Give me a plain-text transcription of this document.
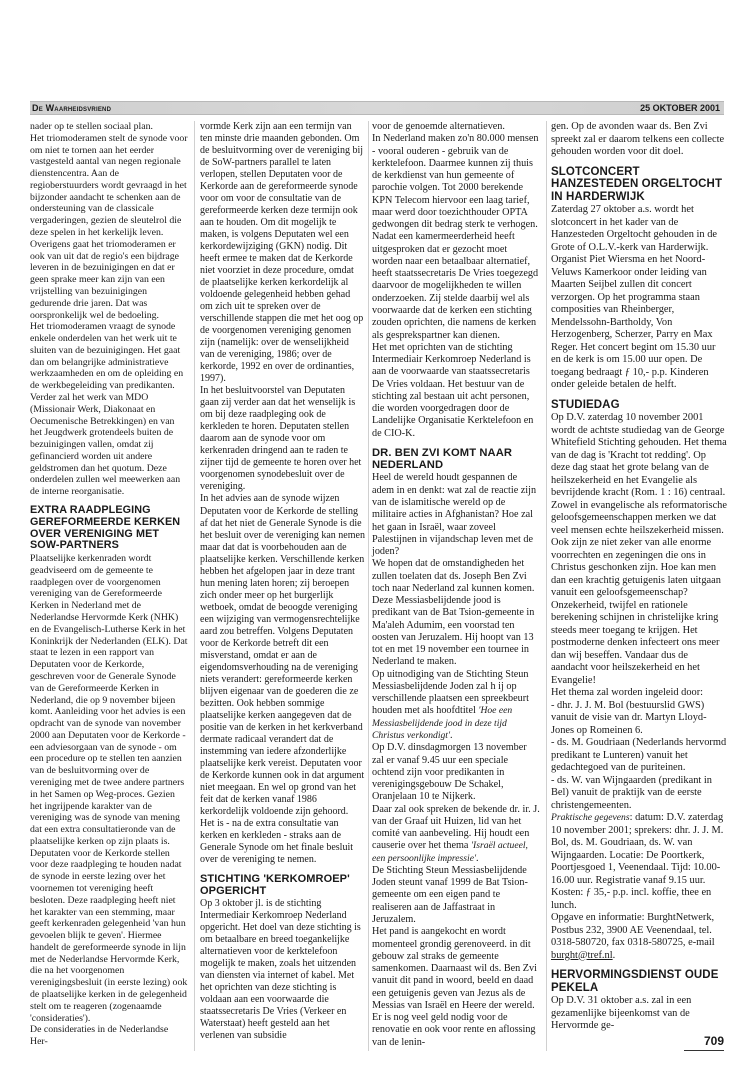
De Waarheidsvriend	25 OKTOBER 2001

nader op te stellen sociaal plan.

Het triomoderamen stelt de synode voor om niet te tornen aan het eerder vastgesteld aantal van negen regionale dienstencentra. Aan de regioberstuurders wordt gevraagd in het bijzonder aandacht te schenken aan de ondersteuning van de classicale vergaderingen, gezien de sleutelrol die deze spelen in het kerkelijk leven. Overigens gaat het triomoderamen er ook van uit dat de regio's een bijdrage leveren in de bezuinigingen en dat er geen sprake meer kan zijn van een vrijstelling van bezuinigingen gedurende drie jaren. Dat was oorspronkelijk wel de bedoeling.

Het triomoderamen vraagt de synode enkele onderdelen van het werk uit te sluiten van de bezuinigingen. Het gaat dan om belangrijke administratieve werkzaamheden en om de opleiding en de werkbegeleiding van predikanten. Verder zal het werk van MDO (Missionair Werk, Diakonaat en Oecumenische Betrekkingen) en van het Jeugdwerk grotendeels buiten de bezuinigingen vallen, omdat zij gefinancierd worden uit andere geldstromen dan het quotum. Deze onderdelen zullen wel meewerken aan de interne reorganisatie.

EXTRA RAADPLEGING GEREFORMEERDE KERKEN OVER VERENIGING MET SOW-PARTNERS

Plaatselijke kerkenraden wordt geadviseerd om de gemeente te raadplegen over de voorgenomen vereniging van de Gereformeerde Kerken in Nederland met de Nederlandse Hervormde Kerk (NHK) en de Evangelisch-Lutherse Kerk in het Koninkrijk der Nederlanden (ELK). Dat staat te lezen in een rapport van Deputaten voor de Kerkorde, geschreven voor de Generale Synode van de Gereformeerde Kerken in Nederland, die op 9 november bijeen komt. Aanleiding voor het advies is een opdracht van de synode van november 2000 aan Deputaten voor de Kerkorde - een adviesorgaan van de synode - om een procedure op te stellen ten aanzien van de besluitvorming over de vereniging met de twee andere partners in het Samen op Weg-proces. Gezien het ingrijpende karakter van de vereniging was de synode van mening dat een extra consultatieronde van de plaatselijke kerken op zijn plaats is. Deputaten voor de Kerkorde stellen voor deze raadpleging te houden nadat de synode in eerste lezing over het voornemen tot vereniging heeft besloten. Deze raadpleging heeft niet het karakter van een stemming, maar geeft kerkenraden gelegenheid 'van hun gevoelen blijk te geven'. Hiermee handelt de gereformeerde synode in lijn met de Nederlandse Hervormde Kerk, die na het voorgenomen verenigingsbesluit (in eerste lezing) ook de plaatselijke kerken in de gelegenheid stelt om te reageren (zogenaamde 'consideraties').

De consideraties in de Nederlandse Her-

vormde Kerk zijn aan een termijn van ten minste drie maanden gebonden. Om de besluitvorming over de vereniging bij de SoW-partners parallel te laten verlopen, stellen Deputaten voor de Kerkorde aan de gereformeerde synode voor om voor de consultatie van de gereformeerde kerken deze termijn ook aan te houden. Om dit mogelijk te maken, is volgens Deputaten wel een kerkordewijziging (GKN) nodig. Dit heeft ermee te maken dat de Kerkorde niet voorziet in deze procedure, omdat de plaatselijke kerken kerkordelijk al voldoende gelegenheid hebben gehad om zich uit te spreken over de verschillende stappen die met het oog op de voorgenomen vereniging genomen zijn (namelijk: over de wenselijkheid van de vereniging, 1986; over de kerkorde, 1992 en over de ordinanties, 1997).

In het besluitvoorstel van Deputaten gaan zij verder aan dat het wenselijk is om bij deze raadpleging ook de kerkleden te horen. Deputaten stellen daarom aan de synode voor om kerkenraden dringend aan te raden te zijner tijd de gemeente te horen over het voorgenomen synodebesluit over de vereniging.

In het advies aan de synode wijzen Deputaten voor de Kerkorde de stelling af dat het niet de Generale Synode is die het besluit over de vereniging kan nemen maar dat dat is voorbehouden aan de plaatselijke kerken. Verschillende kerken hebben het afgelopen jaar in deze trant hun mening laten horen; zij beroepen zich onder meer op het burgerlijk wetboek, omdat de beoogde vereniging een wijziging van vermogensrechtelijke aard zou betreffen. Volgens Deputaten voor de Kerkorde betreft dit een misverstand, omdat er aan de eigendomsverhouding na de vereniging niets verandert: gereformeerde kerken blijven eigenaar van de goederen die ze bezitten. Ook hebben sommige plaatselijke kerken aangegeven dat de positie van de kerken in het kerkverband dermate radicaal verandert dat de instemming van iedere afzonderlijke plaatselijke kerk vereist. Deputaten voor de Kerkorde kunnen ook in dat argument niet meegaan. En wel op grond van het feit dat de kerken vanaf 1986 kerkordelijk voldoende zijn gehoord. Het is - na de extra consultatie van kerken en kerkleden - straks aan de Generale Synode om het finale besluit over de vereniging te nemen.

STICHTING 'KERKOMROEP' OPGERICHT

Op 3 oktober jl. is de stichting Intermediair Kerkomroep Nederland opgericht. Het doel van deze stichting is om betaalbare en breed toegankelijke alternatieven voor de kerktelefoon mogelijk te maken, zoals het uitzenden van diensten via internet of kabel. Met het oprichten van deze stichting is voldaan aan een voorwaarde die staatssecretaris De Vries (Verkeer en Waterstaat) heeft gesteld aan het verlenen van subsidie

voor de genoemde alternatieven.

In Nederland maken zo'n 80.000 mensen - vooral ouderen - gebruik van de kerktelefoon. Daarmee kunnen zij thuis de kerkdienst van hun gemeente of parochie volgen. Tot 2000 berekende KPN Telecom hiervoor een laag tarief, maar werd door toezichthouder OPTA gedwongen dit bedrag sterk te verhogen. Nadat een kamermeerderheid heeft uitgesproken dat er gezocht moet worden naar een betaalbaar alternatief, heeft staatssecretaris De Vries toegezegd daarvoor de mogelijkheden te willen onderzoeken. Zij stelde daarbij wel als voorwaarde dat de kerken een stichting zouden oprichten, die namens de kerken als gesprekspartner kan dienen.

Het met oprichten van de stichting Intermediair Kerkomroep Nederland is aan de voorwaarde van staatssecretaris De Vries voldaan. Het bestuur van de stichting zal bestaan uit acht personen, die worden voorgedragen door de Landelijke Organisatie Kerktelefoon en de CIO-K.

DR. BEN ZVI KOMT NAAR NEDERLAND

Heel de wereld houdt gespannen de adem in en denkt: wat zal de reactie zijn van de islamitische wereld op de militaire acties in Afghanistan? Hoe zal het gaan in Israël, waar zoveel Palestijnen in vijandschap leven met de joden?

We hopen dat de omstandigheden het zullen toelaten dat ds. Joseph Ben Zvi toch naar Nederland zal kunnen komen. Deze Messiasbelijdende jood is predikant van de Bat Tsion-gemeente in Ma'aleh Adumim, een voorstad ten oosten van Jeruzalem. Hij hoopt van 13 tot en met 19 november een tournee in Nederland te maken.

Op uitnodiging van de Stichting Steun Messiasbelijdende Joden zal h ij op verschillende plaatsen een spreekbeurt houden met als hoofdtitel 'Hoe een Messiasbelijdende jood in deze tijd Christus verkondigt'.

Op D.V. dinsdagmorgen 13 november zal er vanaf 9.45 uur een speciale ochtend zijn voor predikanten in verenigingsgebouw De Schakel, Oranjelaan 10 te Nijkerk.

Daar zal ook spreken de bekende dr. ir. J. van der Graaf uit Huizen, lid van het comité van aanbeveling. Hij houdt een causerie over het thema 'Israël actueel, een persoonlijke impressie'.

De Stichting Steun Messiasbelijdende Joden steunt vanaf 1999 de Bat Tsion-gemeente om een eigen pand te realiseren aan de Jaffastraat in Jeruzalem.

Het pand is aangekocht en wordt momenteel grondig gerenoveerd. in dit gebouw zal straks de gemeente samenkomen. Daarnaast wil ds. Ben Zvi vanuit dit pand in woord, beeld en daad een getuigenis geven van Jezus als de Messias van Israël en Heere der wereld.

Er is nog veel geld nodig voor de renovatie en ook voor rente en aflossing van de lenin-

gen. Op de avonden waar ds. Ben Zvi spreekt zal er daarom telkens een collecte gehouden worden voor dit doel.

SLOTCONCERT HANZESTEDEN ORGELTOCHT IN HARDERWIJK

Zaterdag 27 oktober a.s. wordt het slotconcert in het kader van de Hanzesteden Orgeltocht gehouden in de Grote of O.L.V.-kerk van Harderwijk. Organist Piet Wiersma en het Noord-Veluws Kamerkoor onder leiding van Maarten Seijbel zullen dit concert verzorgen. Op het programma staan composities van Rheinberger, Mendelssohn-Bartholdy, Von Herzogenberg, Scherzer, Parry en Max Reger. Het concert begint om 15.30 uur en de kerk is om 15.00 uur open. De toegang bedraagt ƒ 10,- p.p. Kinderen onder geleide betalen de helft.

STUDIEDAG

Op D.V. zaterdag 10 november 2001 wordt de achtste studiedag van de George Whitefield Stichting gehouden. Het thema van de dag is 'Kracht tot redding'. Op deze dag staat het grote belang van de heilszekerheid en het Evangelie als bevrijdende kracht (Rom. 1 : 16) centraal.

Zowel in evangelische als reformatorische geloofsgemeenschappen merken we dat veel mensen echte heilszekerheid missen. Ook zijn ze niet zeker van alle enorme voorrechten en zegeningen die ons in Christus geschonken zijn. Hoe kan men dan een krachtig getuigenis laten uitgaan vanuit een geloofsgemeenschap? Onzekerheid, twijfel en rationele berekening schijnen in christelijke kring steeds meer toegang te krijgen. Het postmoderne denken infecteert ons meer dan wij beseffen. Vandaar dus de aandacht voor heilszekerheid en het Evangelie!

Het thema zal worden ingeleid door:

- dhr. J. J. M. Bol (bestuurslid GWS) vanuit de visie van dr. Martyn Lloyd-Jones op Romeinen 6.

- ds. M. Goudriaan (Nederlands hervormd predikant te Lunteren) vanuit het gedachtegoed van de puriteinen.

- ds. W. van Wijngaarden (predikant in Bel) vanuit de praktijk van de eerste christengemeenten.

Praktische gegevens: datum: D.V. zaterdag 10 november 2001; sprekers: dhr. J. J. M. Bol, ds. M. Goudriaan, ds. W. van Wijngaarden. Locatie: De Poortkerk, Poortjesgoed 1, Veenendaal. Tijd: 10.00-16.00 uur. Registratie vanaf 9.15 uur. Kosten: ƒ 35,- p.p. incl. koffie, thee en lunch.

Opgave en informatie: BurghtNetwerk, Postbus 232, 3900 AE Veenendaal, tel. 0318-580720, fax 0318-580725, e-mail burght@tref.nl.

HERVORMINGSDIENST OUDE PEKELA

Op D.V. 31 oktober a.s. zal in een gezamenlijke bijeenkomst van de Hervormde ge-

709
